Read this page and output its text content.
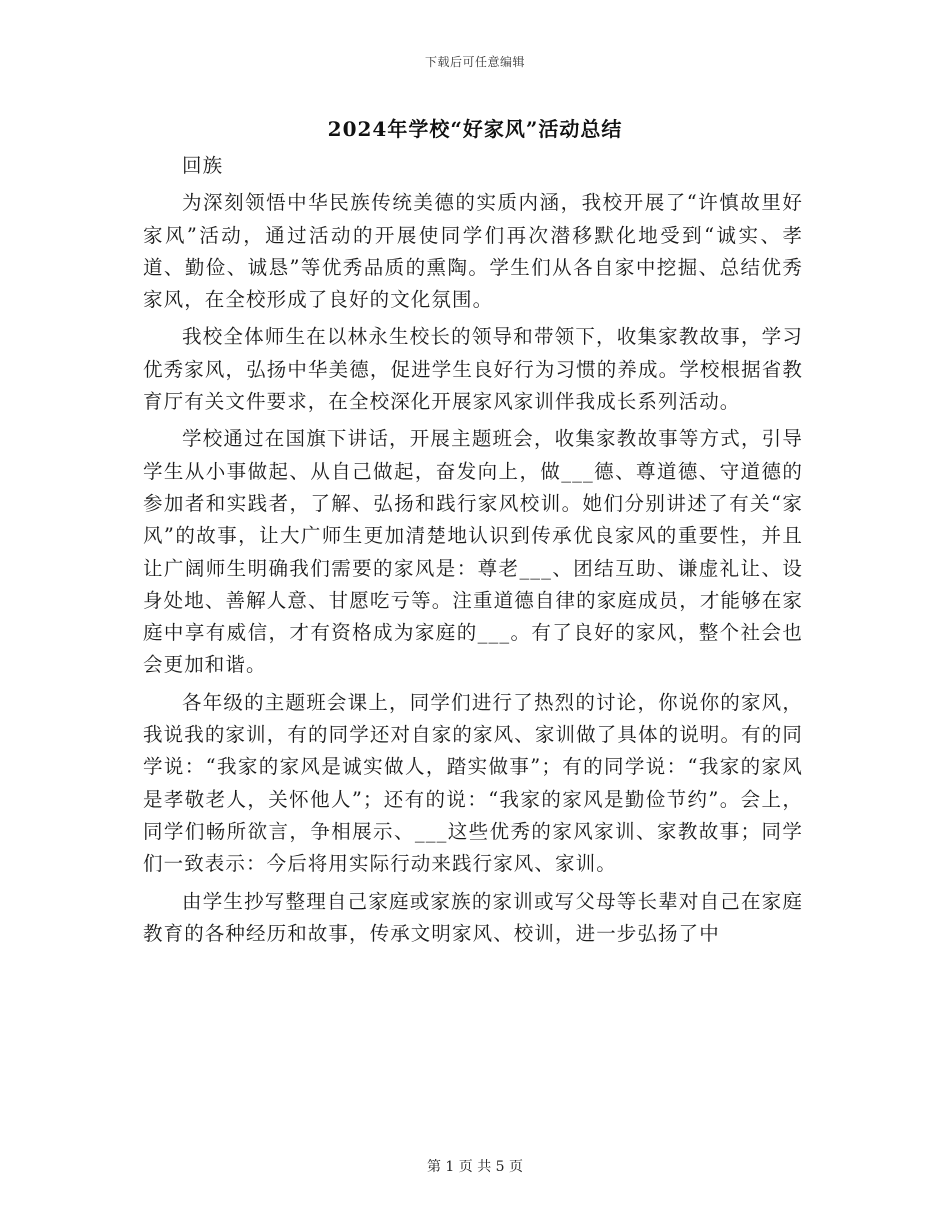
下载后可任意编辑
2024年学校“好家风”活动总结

回族

为深刻领悟中华民族传统美德的实质内涵，我校开展了“许慎故里好家风”活动，通过活动的开展使同学们再次潜移默化地受到“诚实、孝道、勤俭、诚恳”等优秀品质的熏陶。学生们从各自家中挖掘、总结优秀家风，在全校形成了良好的文化氛围。

我校全体师生在以林永生校长的领导和带领下，收集家教故事，学习优秀家风，弘扬中华美德，促进学生良好行为习惯的养成。学校根据省教育厅有关文件要求，在全校深化开展家风家训伴我成长系列活动。

学校通过在国旗下讲话，开展主题班会，收集家教故事等方式，引导学生从小事做起、从自己做起，奋发向上，做___德、尊道德、守道德的参加者和实践者，了解、弘扬和践行家风校训。她们分别讲述了有关“家风”的故事，让大广师生更加清楚地认识到传承优良家风的重要性，并且让广阔师生明确我们需要的家风是：尊老___、团结互助、谦虚礼让、设身处地、善解人意、甘愿吃亏等。注重道德自律的家庭成员，才能够在家庭中享有威信，才有资格成为家庭的___。有了良好的家风，整个社会也会更加和谐。

各年级的主题班会课上，同学们进行了热烈的讨论，你说你的家风，我说我的家训，有的同学还对自家的家风、家训做了具体的说明。有的同学说：“我家的家风是诚实做人，踏实做事”；有的同学说：“我家的家风是孝敬老人，关怀他人”；还有的说：“我家的家风是勤俭节约”。会上，同学们畅所欲言，争相展示、___这些优秀的家风家训、家教故事；同学们一致表示：今后将用实际行动来践行家风、家训。

由学生抄写整理自己家庭或家族的家训或写父母等长辈对自己在家庭教育的各种经历和故事，传承文明家风、校训，进一步弘扬了中

第 1 页 共 5 页
